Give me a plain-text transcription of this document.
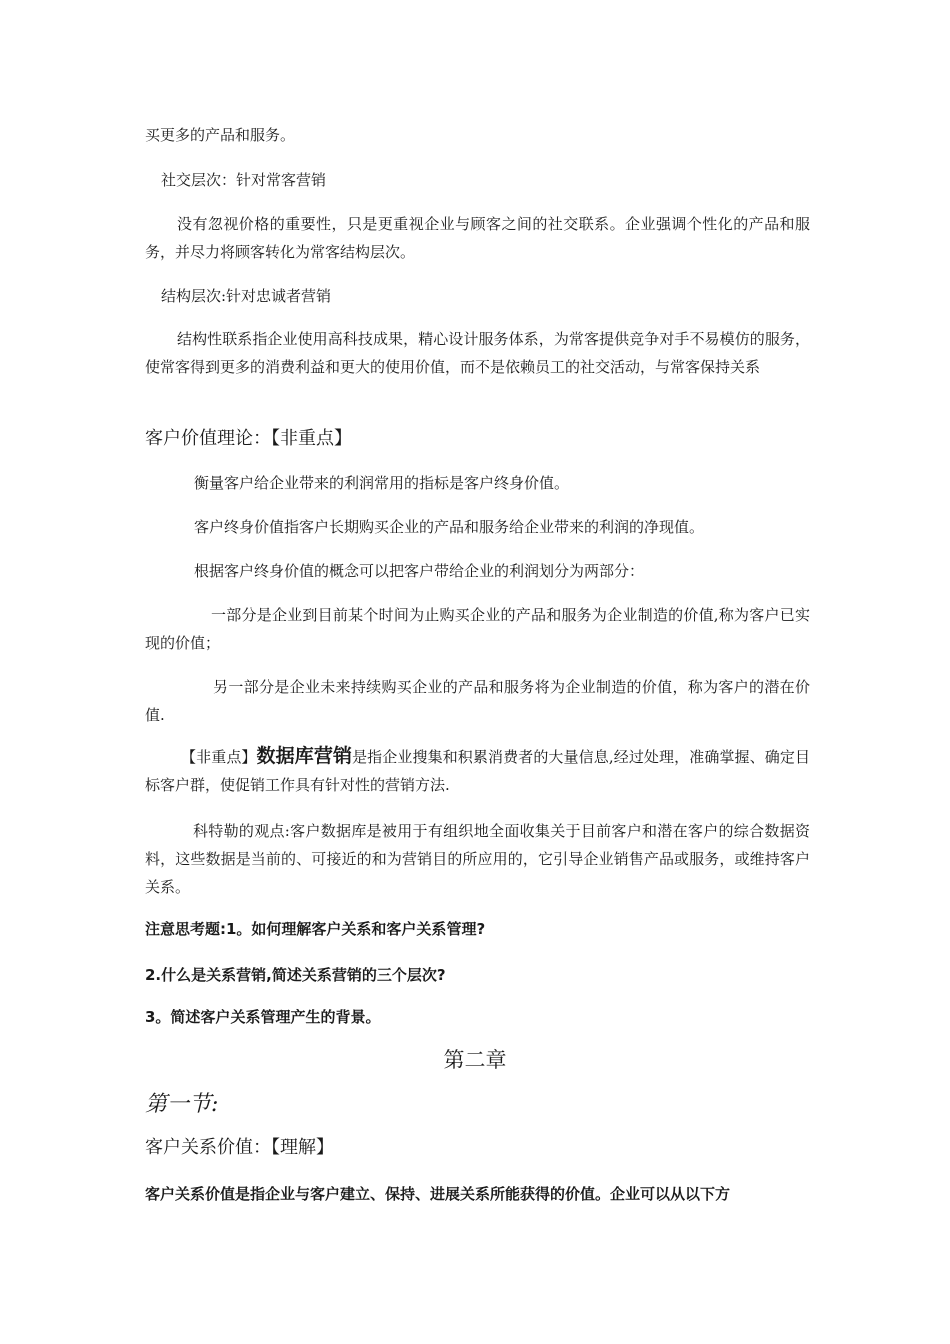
买更多的产品和服务。
社交层次：针对常客营销
没有忽视价格的重要性，只是更重视企业与顾客之间的社交联系。企业强调个性化的产品和服务，并尽力将顾客转化为常客结构层次。
结构层次:针对忠诚者营销
结构性联系指企业使用高科技成果，精心设计服务体系，为常客提供竞争对手不易模仿的服务，使常客得到更多的消费利益和更大的使用价值，而不是依赖员工的社交活动，与常客保持关系
客户价值理论：【非重点】
衡量客户给企业带来的利润常用的指标是客户终身价值。
客户终身价值指客户长期购买企业的产品和服务给企业带来的利润的净现值。
根据客户终身价值的概念可以把客户带给企业的利润划分为两部分：
一部分是企业到目前某个时间为止购买企业的产品和服务为企业制造的价值,称为客户已实现的价值；
另一部分是企业未来持续购买企业的产品和服务将为企业制造的价值，称为客户的潜在价值.
【非重点】数据库营销是指企业搜集和积累消费者的大量信息,经过处理，准确掌握、确定目标客户群，使促销工作具有针对性的营销方法.
科特勒的观点:客户数据库是被用于有组织地全面收集关于目前客户和潜在客户的综合数据资料，这些数据是当前的、可接近的和为营销目的所应用的，它引导企业销售产品或服务，或维持客户关系。
注意思考题:1。如何理解客户关系和客户关系管理?
2.什么是关系营销,简述关系营销的三个层次?
3。简述客户关系管理产生的背景。
第二章
第一节:
客户关系价值：【理解】
客户关系价值是指企业与客户建立、保持、进展关系所能获得的价值。企业可以从以下方
